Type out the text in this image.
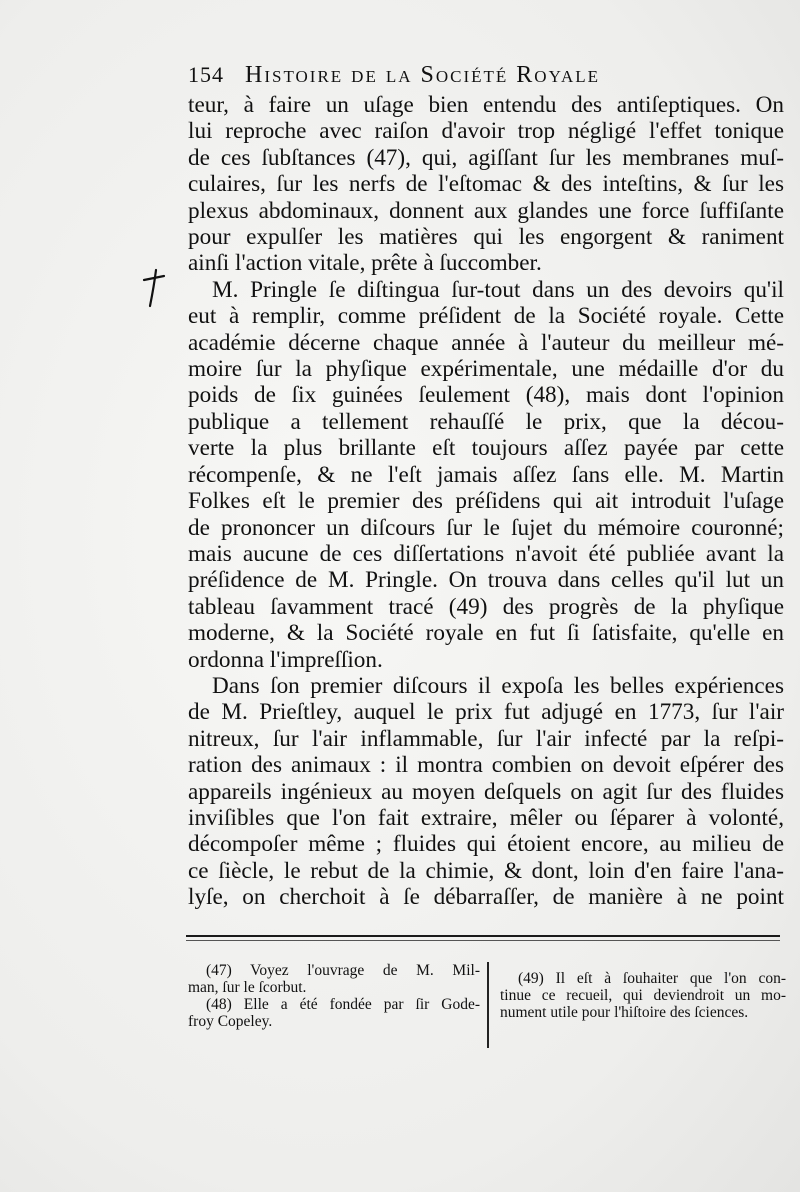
154 Histoire de la Société Royale
teur, à faire un uſage bien entendu des antiſeptiques. On
lui reproche avec raiſon d'avoir trop négligé l'effet tonique
de ces ſubſtances (47), qui, agiſſant ſur les membranes muſ-
culaires, ſur les nerfs de l'eſtomac & des inteſtins, & ſur les
plexus abdominaux, donnent aux glandes une force ſuffiſante
pour expulſer les matières qui les engorgent & raniment
ainſi l'action vitale, prête à ſuccomber.
M. Pringle ſe diſtingua ſur-tout dans un des devoirs qu'il
eut à remplir, comme préſident de la Société royale. Cette
académie décerne chaque année à l'auteur du meilleur mé-
moire ſur la phyſique expérimentale, une médaille d'or du
poids de ſix guinées ſeulement (48), mais dont l'opinion
publique a tellement rehauſſé le prix, que la décou-
verte la plus brillante eſt toujours aſſez payée par cette
récompenſe, & ne l'eſt jamais aſſez ſans elle. M. Martin
Folkes eſt le premier des préſidens qui ait introduit l'uſage
de prononcer un diſcours ſur le ſujet du mémoire couronné;
mais aucune de ces diſſertations n'avoit été publiée avant la
préſidence de M. Pringle. On trouva dans celles qu'il lut un
tableau ſavamment tracé (49) des progrès de la phyſique
moderne, & la Société royale en fut ſi ſatisfaite, qu'elle en
ordonna l'impreſſion.
Dans ſon premier diſcours il expoſa les belles expériences
de M. Prieſtley, auquel le prix fut adjugé en 1773, ſur l'air
nitreux, ſur l'air inflammable, ſur l'air infecté par la reſpi-
ration des animaux : il montra combien on devoit eſpérer des
appareils ingénieux au moyen deſquels on agit ſur des fluides
inviſibles que l'on fait extraire, mêler ou ſéparer à volonté,
décompoſer même ; fluides qui étoient encore, au milieu de
ce ſiècle, le rebut de la chimie, & dont, loin d'en faire l'ana-
lyſe, on cherchoit à ſe débarraſſer, de manière à ne point
(47) Voyez l'ouvrage de M. Mil-
man, ſur le ſcorbut.
(48) Elle a été fondée par ſir Gode-
froy Copeley.
(49) Il eſt à ſouhaiter que l'on con-
tinue ce recueil, qui deviendroit un mo-
nument utile pour l'hiſtoire des ſciences.
